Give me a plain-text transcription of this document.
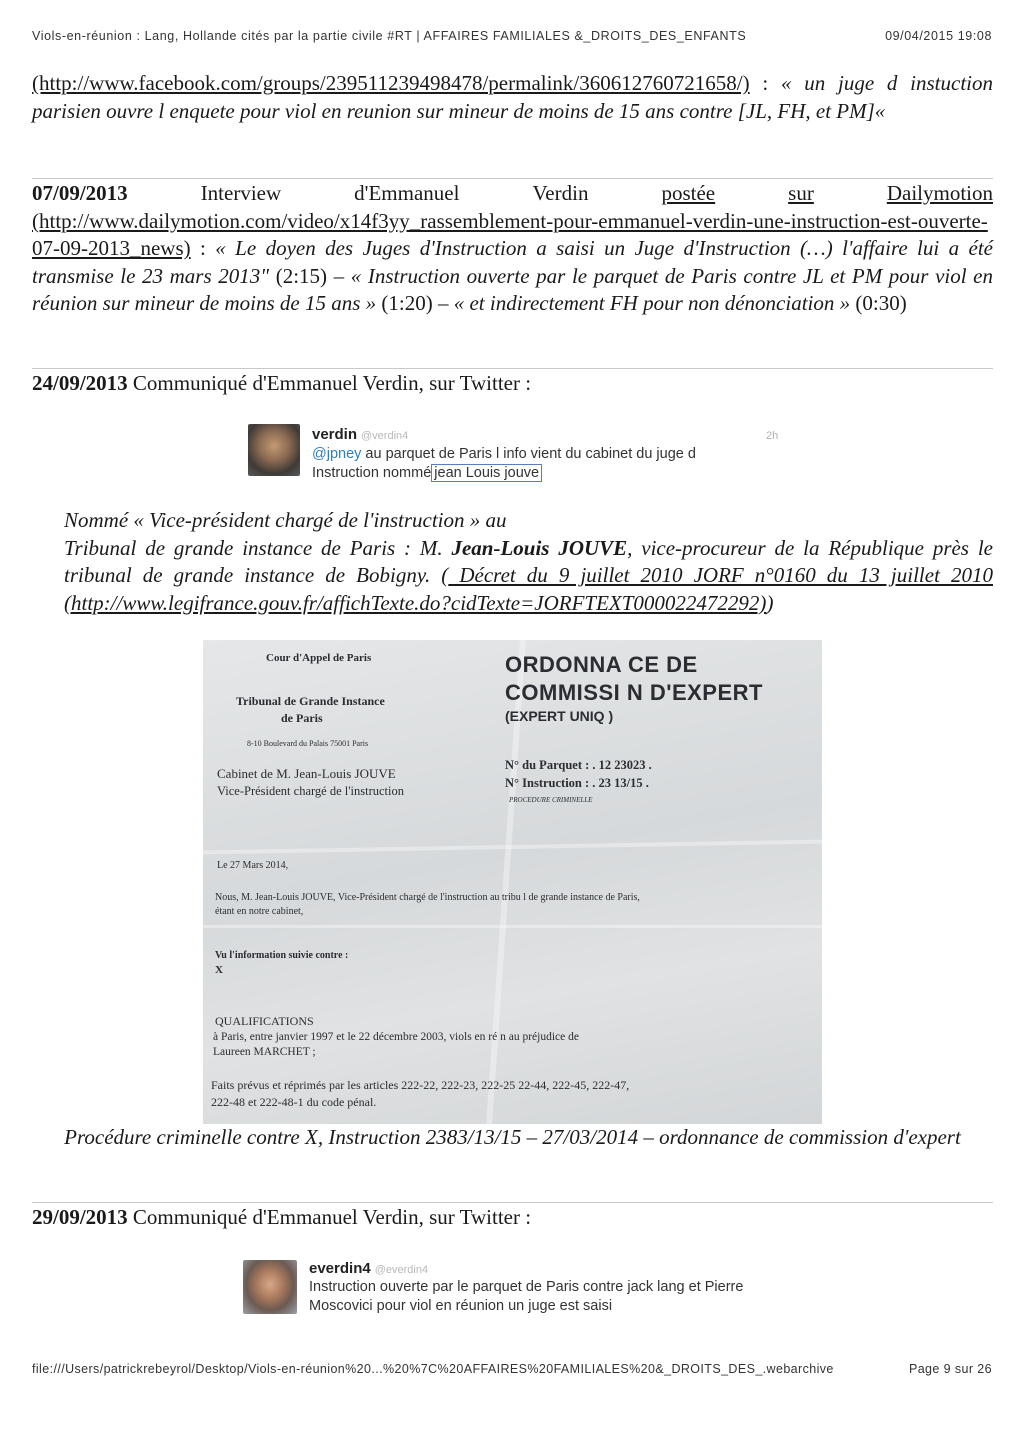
Viols-en-réunion : Lang, Hollande cités par la partie civile #RT | AFFAIRES FAMILIALES &_DROITS_DES_ENFANTS	09/04/2015 19:08
(http://www.facebook.com/groups/239511239498478/permalink/360612760721658/) : « un juge d instuction parisien ouvre l enquete pour viol en reunion sur mineur de moins de 15 ans contre [JL, FH, et PM]«
07/09/2013	Interview	d'Emmanuel	Verdin	postée	sur	Dailymotion
(http://www.dailymotion.com/video/x14f3yy_rassemblement-pour-emmanuel-verdin-une-instruction-est-ouverte-07-09-2013_news) : « Le doyen des Juges d'Instruction a saisi un Juge d'Instruction (…) l'affaire lui a été transmise le 23 mars 2013" (2:15) – « Instruction ouverte par le parquet de Paris contre JL et PM pour viol en réunion sur mineur de moins de 15 ans » (1:20) – « et indirectement FH pour non dénonciation » (0:30)
24/09/2013 Communiqué d'Emmanuel Verdin, sur Twitter :
verdin @verdin4	2h
@jpney au parquet de Paris l info vient du cabinet du juge d
Instruction nommé jean Louis jouve
Nommé « Vice-président chargé de l'instruction » au
Tribunal de grande instance de Paris : M. Jean-Louis JOUVE, vice-procureur de la République près le tribunal de grande instance de Bobigny. ( Décret du 9 juillet 2010 JORF n°0160 du 13 juillet 2010 (http://www.legifrance.gouv.fr/affichTexte.do?cidTexte=JORFTEXT000022472292))
Cour d'Appel de Paris
Tribunal de Grande Instance
de Paris
8-10 Boulevard du Palais 75001 Paris
Cabinet de M. Jean-Louis JOUVE
Vice-Président chargé de l'instruction
ORDONNA CE DE
COMMISSI N D'EXPERT
(EXPERT UNIQ )
N° du Parquet : . 12 23023 .
N° Instruction : . 23 13/15 .
PROCEDURE CRIMINELLE
Le 27 Mars 2014,
Nous, M. Jean-Louis JOUVE, Vice-Président chargé de l'instruction au tribu l de grande instance de Paris,
étant en notre cabinet,
Vu l'information suivie contre :
X
QUALIFICATIONS
à Paris, entre janvier 1997 et le 22 décembre 2003, viols en ré n au préjudice de
Laureen MARCHET ;
Faits prévus et réprimés par les articles 222-22, 222-23, 222-25 22-44, 222-45, 222-47,
222-48 et 222-48-1 du code pénal.
Procédure criminelle contre X, Instruction 2383/13/15 – 27/03/2014 – ordonnance de commission d'expert
29/09/2013 Communiqué d'Emmanuel Verdin, sur Twitter :
everdin4 @everdin4
Instruction ouverte par le parquet de Paris contre jack lang et Pierre
Moscovici pour viol en réunion un juge est saisi
file:///Users/patrickrebeyrol/Desktop/Viols-en-réunion%20...%20%7C%20AFFAIRES%20FAMILIALES%20&_DROITS_DES_.webarchive	Page 9 sur 26
